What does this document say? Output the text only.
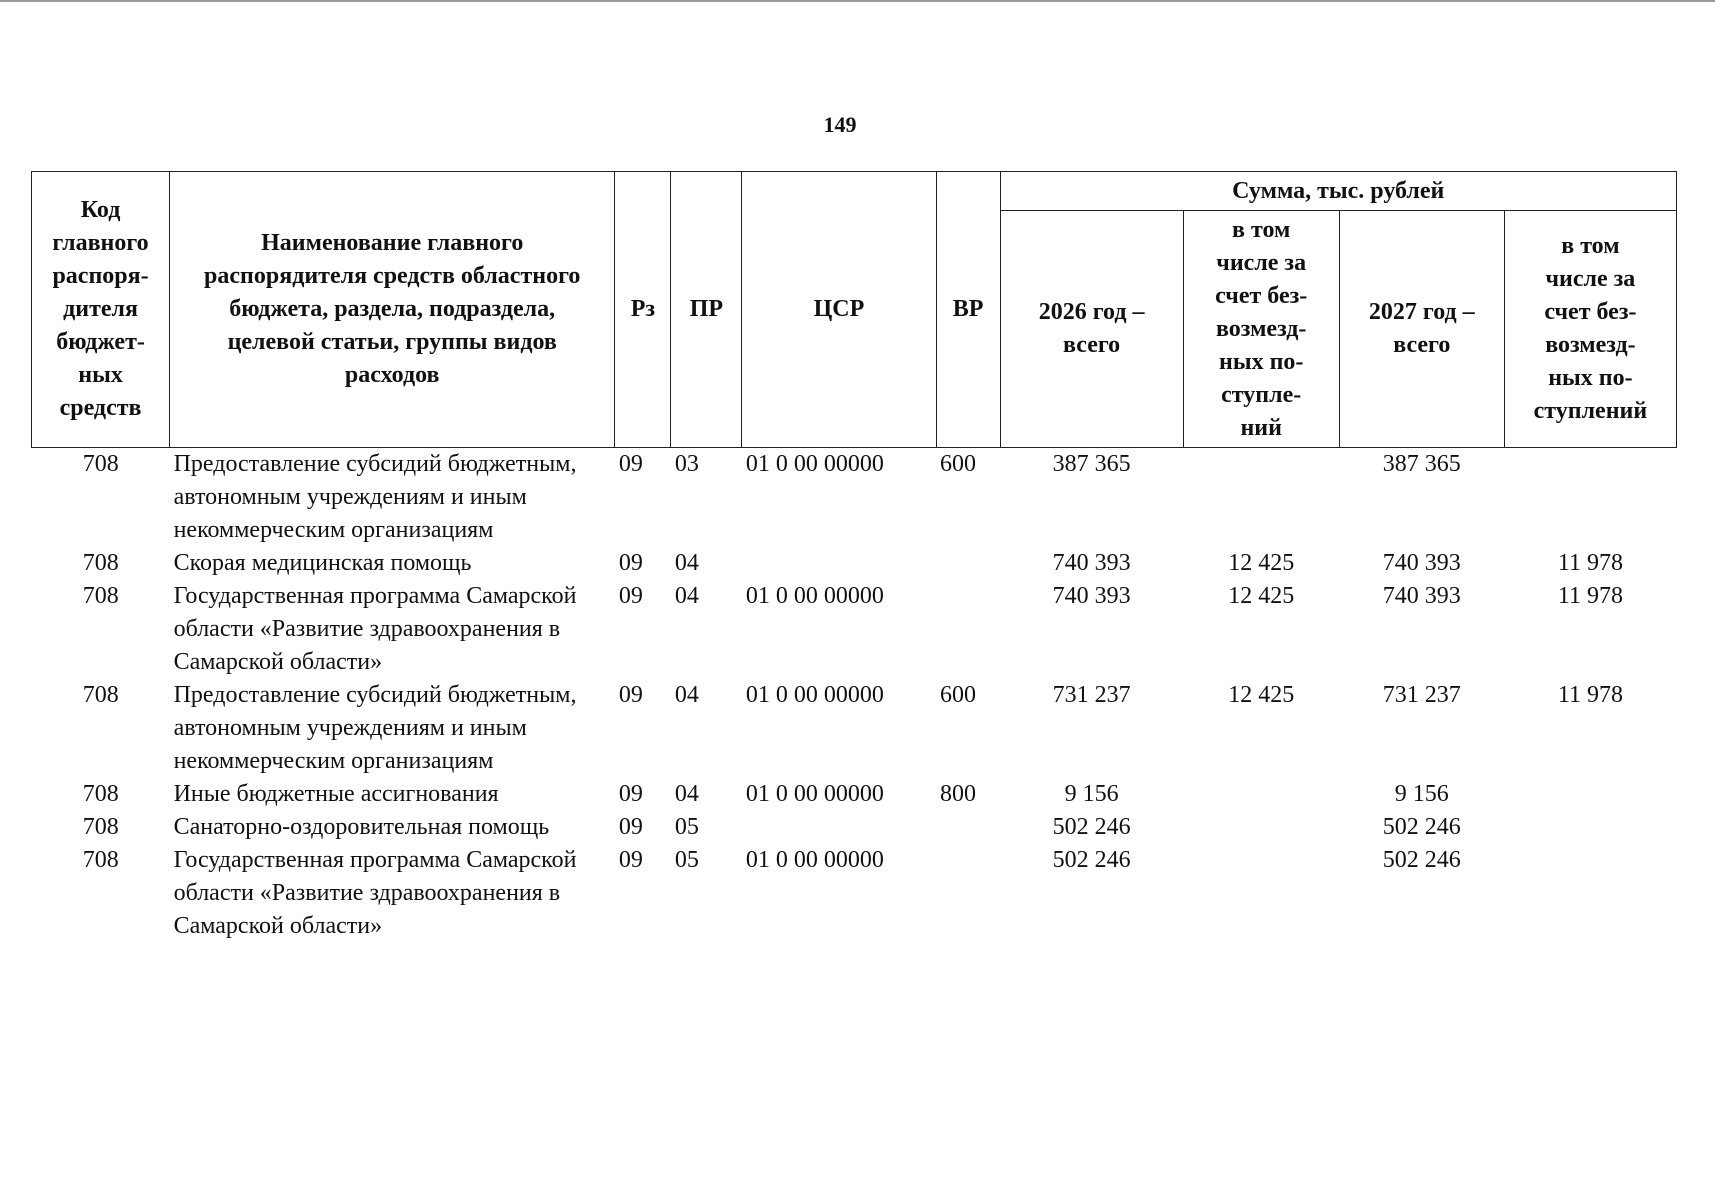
149
Код главного распоря-дителя бюджет-ных средств	Наименование главного распорядителя средств областного бюджета, раздела, подраздела, целевой статьи, группы видов расходов	Рз	ПР	ЦСР	ВР	Сумма, тыс. рублей			
						2026 год – всего	в том числе за счет без-возмезд-ных по-ступле-ний	2027 год – всего	в том числе за счет без-возмезд-ных по-ступлений
708	Предоставление субсидий бюджетным, автономным учреждениям и иным некоммерческим организациям	09	03	01 0 00 00000	600	387 365		387 365	
708	Скорая медицинская помощь	09	04			740 393	12 425	740 393	11 978
708	Государственная программа Самарской области «Развитие здравоохранения в Самарской области»	09	04	01 0 00 00000		740 393	12 425	740 393	11 978
708	Предоставление субсидий бюджетным, автономным учреждениям и иным некоммерческим организациям	09	04	01 0 00 00000	600	731 237	12 425	731 237	11 978
708	Иные бюджетные ассигнования	09	04	01 0 00 00000	800	9 156		9 156	
708	Санаторно-оздоровительная помощь	09	05			502 246		502 246	
708	Государственная программа Самарской области «Развитие здравоохранения в Самарской области»	09	05	01 0 00 00000		502 246		502 246	
